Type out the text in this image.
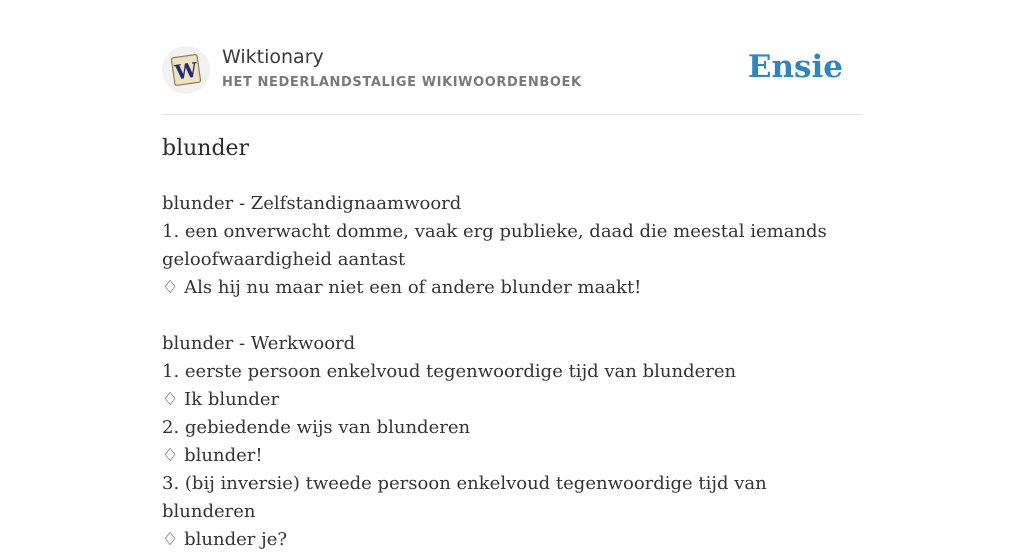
W
Wiktionary
HET NEDERLANDSTALIGE WIKIWOORDENBOEK	Ensie
blunder
blunder - Zelfstandignaamwoord
1. een onverwacht domme, vaak erg publieke, daad die meestal iemands geloofwaardigheid aantast
♢ Als hij nu maar niet een of andere blunder maakt!
blunder - Werkwoord
1. eerste persoon enkelvoud tegenwoordige tijd van blunderen
♢ Ik blunder
2. gebiedende wijs van blunderen
♢ blunder!
3. (bij inversie) tweede persoon enkelvoud tegenwoordige tijd van blunderen
♢ blunder je?
